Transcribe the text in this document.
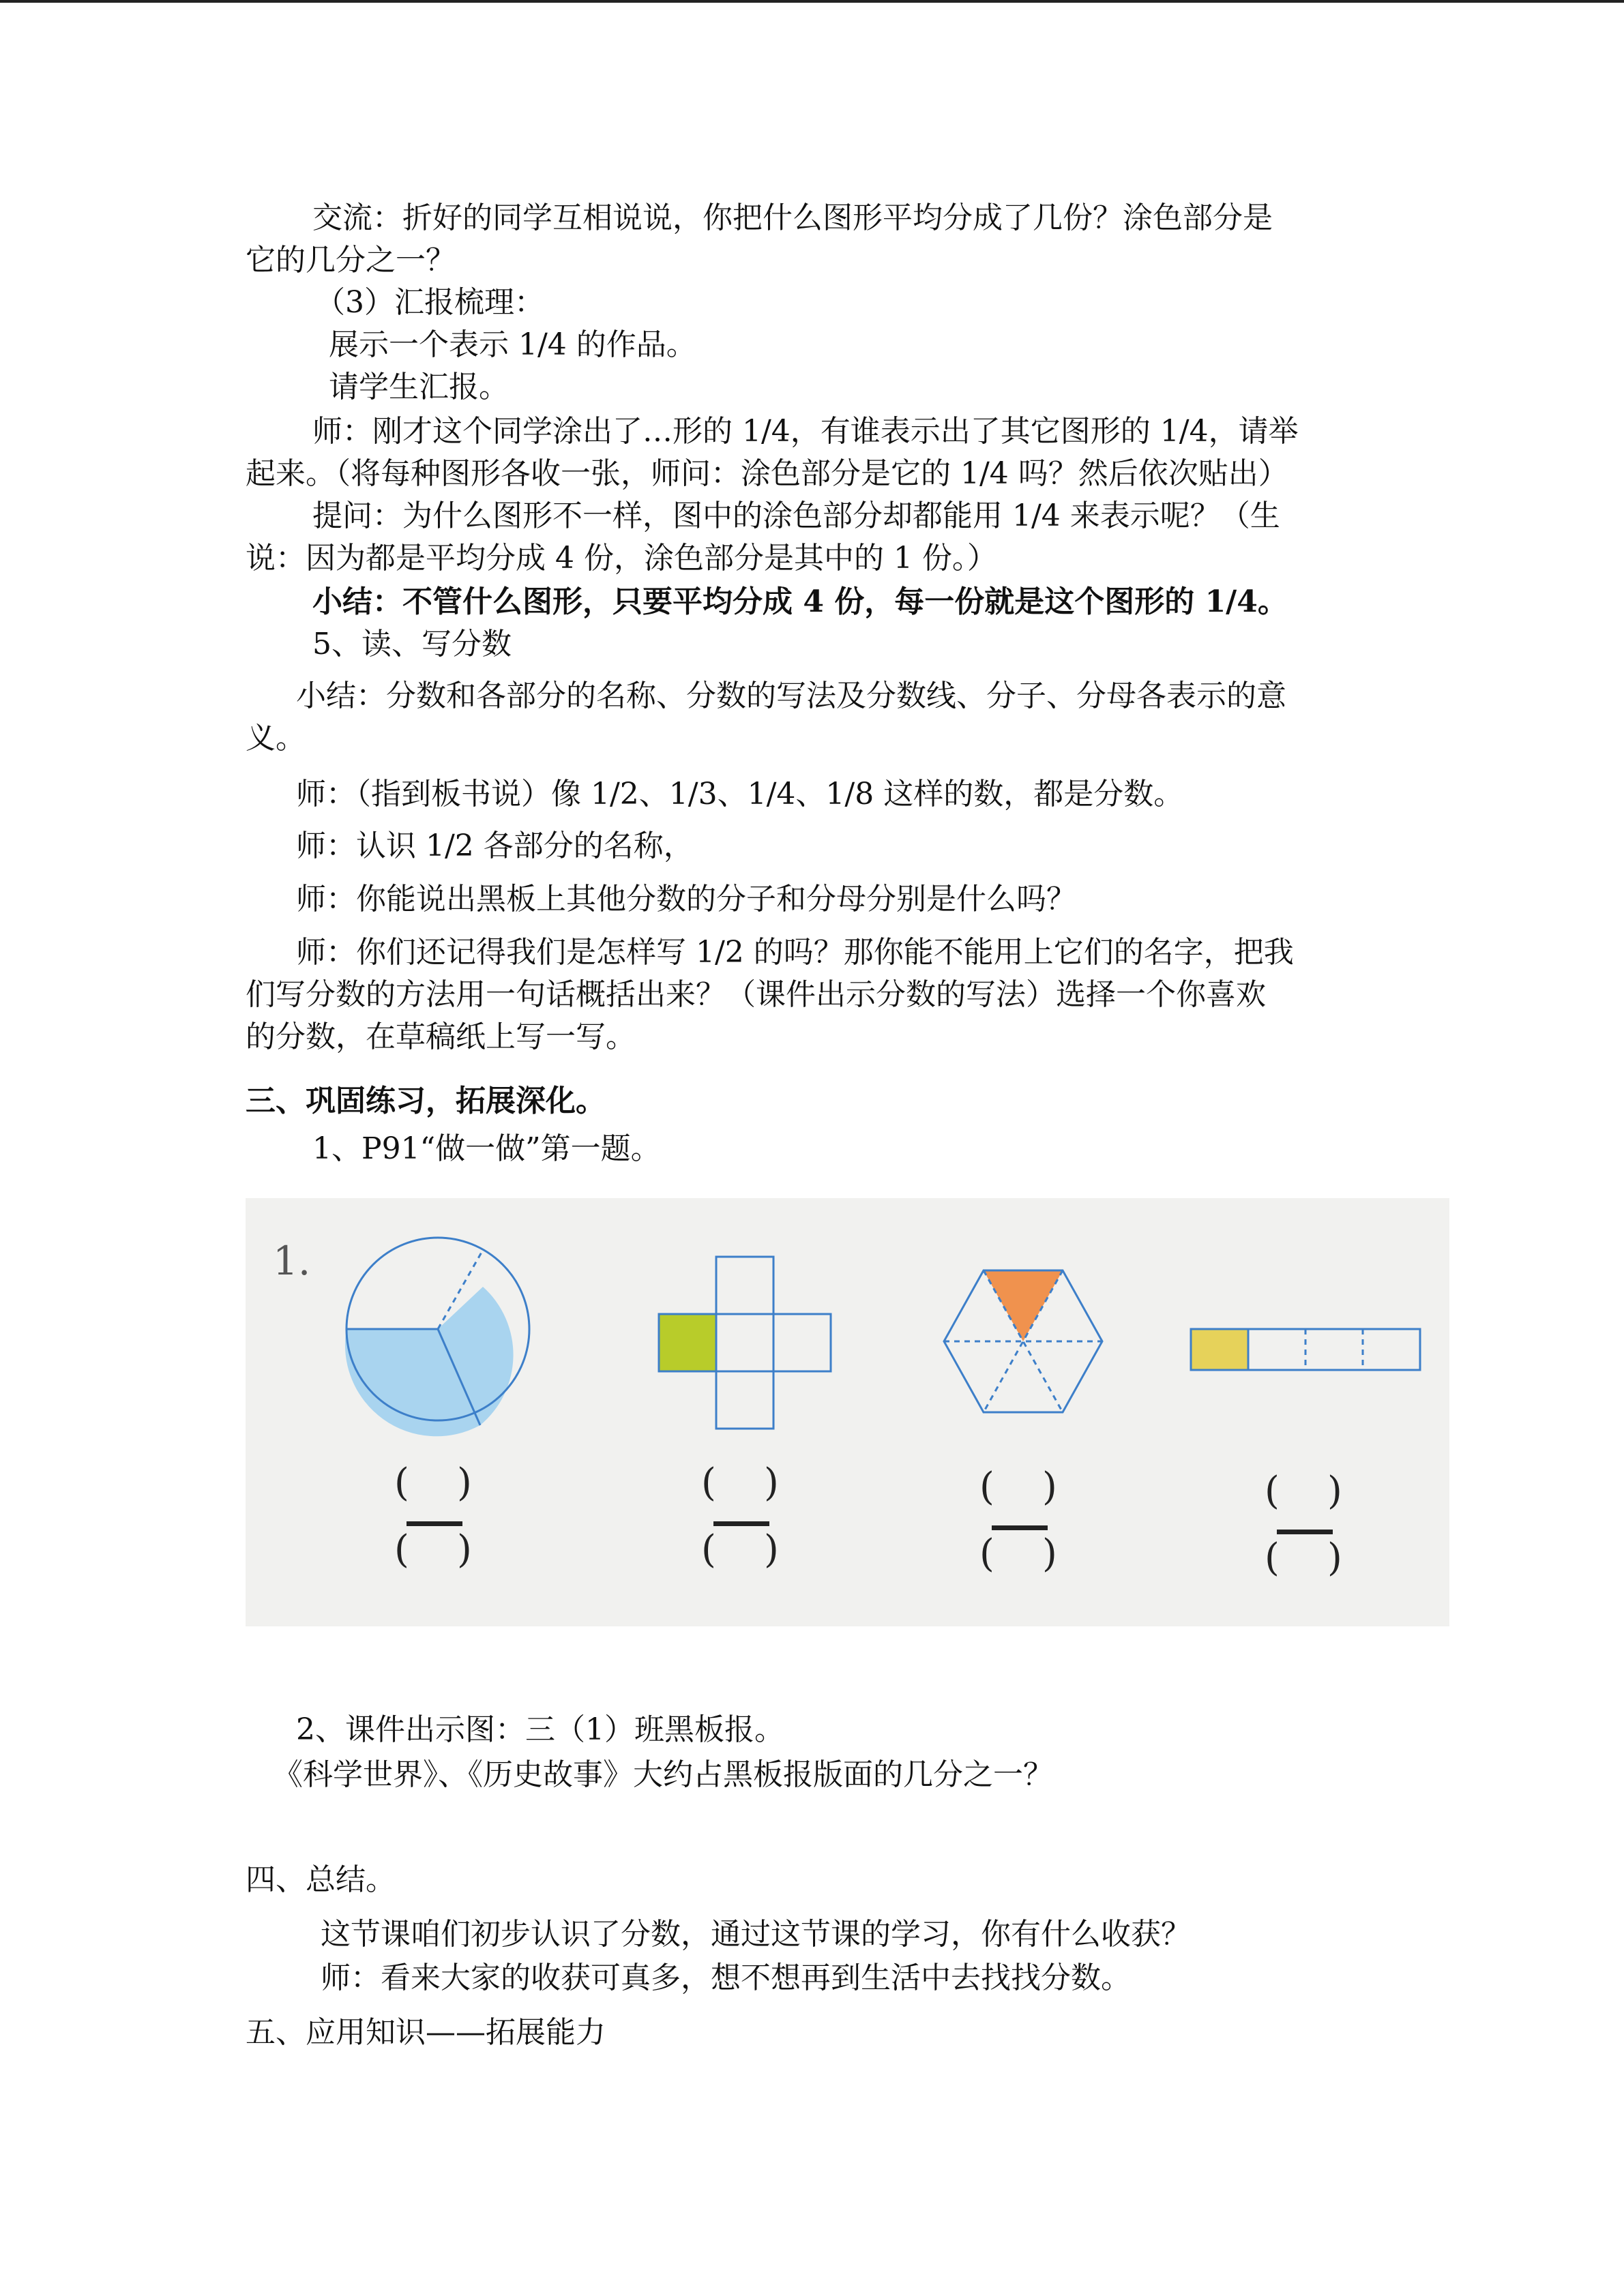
交流：折好的同学互相说说，你把什么图形平均分成了几份？涂色部分是
它的几分之一？
（3）汇报梳理：
展示一个表示 1/4 的作品。
请学生汇报。
师：刚才这个同学涂出了…形的 1/4，有谁表示出了其它图形的 1/4，请举
起来。（将每种图形各收一张，师问：涂色部分是它的 1/4 吗？然后依次贴出）
提问：为什么图形不一样，图中的涂色部分却都能用 1/4 来表示呢？（生
说：因为都是平均分成 4 份，涂色部分是其中的 1 份。）
小结：不管什么图形，只要平均分成 4 份，每一份就是这个图形的 1/4。
5、读、写分数
小结：分数和各部分的名称、分数的写法及分数线、分子、分母各表示的意
义。
师：（指到板书说）像 1/2、1/3、1/4、1/8 这样的数，都是分数。
师：认识 1/2 各部分的名称，
师：你能说出黑板上其他分数的分子和分母分别是什么吗？
师：你们还记得我们是怎样写 1/2 的吗？那你能不能用上它们的名字，把我
们写分数的方法用一句话概括出来？（课件出示分数的写法）选择一个你喜欢
的分数，在草稿纸上写一写。
三、巩固练习，拓展深化。
1、P91“做一做”第一题。
1.
( )
( )
( )
( )
( )
( )
( )
( )
2、课件出示图：三（1）班黑板报。
《科学世界》、《历史故事》大约占黑板报版面的几分之一？
四、总结。
这节课咱们初步认识了分数，通过这节课的学习，你有什么收获？
师：看来大家的收获可真多，想不想再到生活中去找找分数。
五、应用知识——拓展能力
